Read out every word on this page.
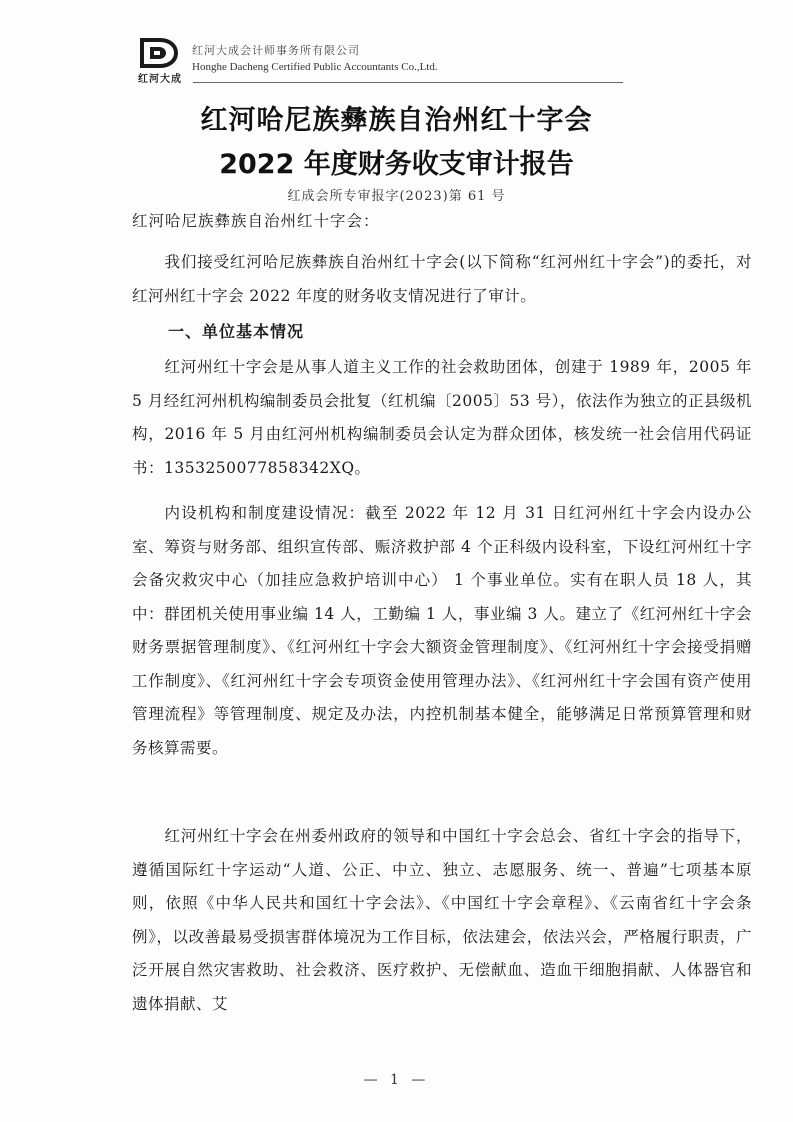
红河大成
红河大成会计师事务所有限公司
Honghe Dacheng Certified Public Accountants Co.,Ltd.
红河哈尼族彝族自治州红十字会
2022 年度财务收支审计报告
红成会所专审报字(2023)第 61 号
红河哈尼族彝族自治州红十字会：

我们接受红河哈尼族彝族自治州红十字会(以下简称“红河州红十字会”)的委托，对红河州红十字会 2022 年度的财务收支情况进行了审计。

一、单位基本情况

红河州红十字会是从事人道主义工作的社会救助团体，创建于 1989 年，2005 年 5 月经红河州机构编制委员会批复（红机编〔2005〕53 号），依法作为独立的正县级机构，2016 年 5 月由红河州机构编制委员会认定为群众团体，核发统一社会信用代码证书：1353250077858342XQ。

内设机构和制度建设情况：截至 2022 年 12 月 31 日红河州红十字会内设办公室、筹资与财务部、组织宣传部、赈济救护部 4 个正科级内设科室，下设红河州红十字会备灾救灾中心（加挂应急救护培训中心） 1 个事业单位。实有在职人员 18 人，其中：群团机关使用事业编 14 人，工勤编 1 人，事业编 3 人。建立了《红河州红十字会财务票据管理制度》、《红河州红十字会大额资金管理制度》、《红河州红十字会接受捐赠工作制度》、《红河州红十字会专项资金使用管理办法》、《红河州红十字会国有资产使用管理流程》等管理制度、规定及办法，内控机制基本健全，能够满足日常预算管理和财务核算需要。

红河州红十字会在州委州政府的领导和中国红十字会总会、省红十字会的指导下，遵循国际红十字运动“人道、公正、中立、独立、志愿服务、统一、普遍”七项基本原则，依照《中华人民共和国红十字会法》、《中国红十字会章程》、《云南省红十字会条例》，以改善最易受损害群体境况为工作目标，依法建会，依法兴会，严格履行职责，广泛开展自然灾害救助、社会救济、医疗救护、无偿献血、造血干细胞捐献、人体器官和遗体捐献、艾

— 1 —
